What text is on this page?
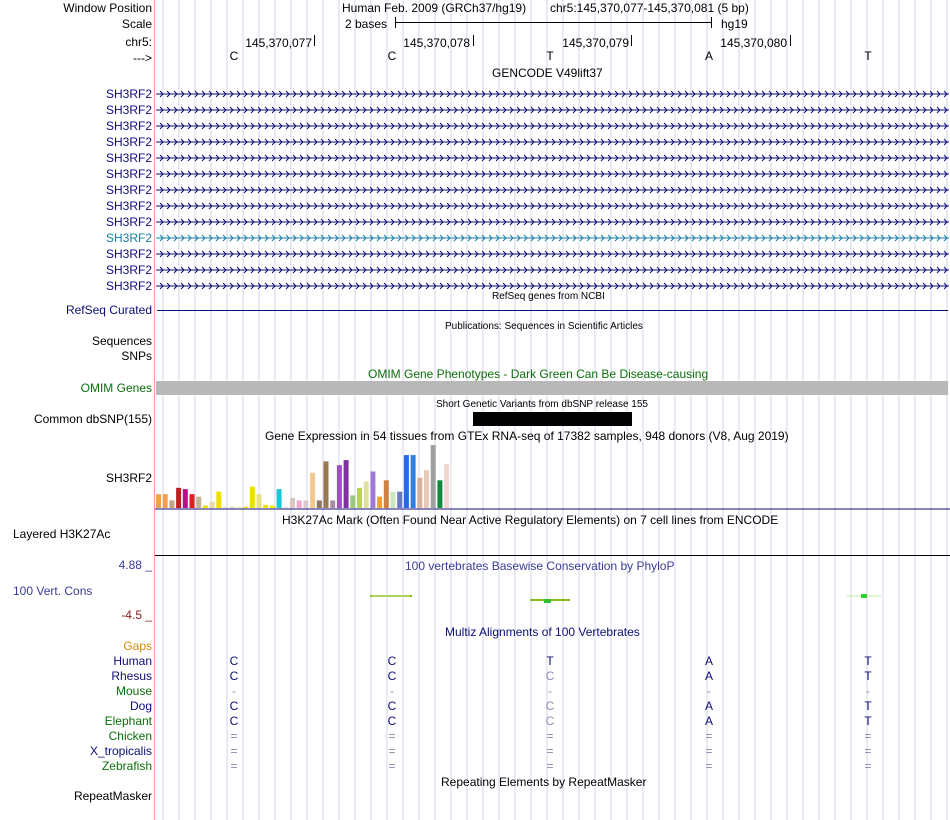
Window Position
Scale
chr5:
--->
Human Feb. 2009 (GRCh37/hg19) chr5:145,370,077-145,370,081 (5 bp)
2 bases	hg19
145,370,077	145,370,078	145,370,079	145,370,080
C	C	T	A	T
GENCODE V49lift37
SH3RF2
SH3RF2
SH3RF2
SH3RF2
SH3RF2
SH3RF2
SH3RF2
SH3RF2
SH3RF2
SH3RF2
SH3RF2
SH3RF2
SH3RF2
RefSeq genes from NCBI
RefSeq Curated
Publications: Sequences in Scientific Articles
Sequences
SNPs
OMIM Gene Phenotypes - Dark Green Can Be Disease-causing
OMIM Genes
Short Genetic Variants from dbSNP release 155
Common dbSNP(155)
Gene Expression in 54 tissues from GTEx RNA-seq of 17382 samples, 948 donors (V8, Aug 2019)
SH3RF2
H3K27Ac Mark (Often Found Near Active Regulatory Elements) on 7 cell lines from ENCODE
Layered H3K27Ac
100 vertebrates Basewise Conservation by PhyloP
4.88 _
100 Vert. Cons
-4.5 _
Multiz Alignments of 100 Vertebrates
Gaps
Human	C	C	T	A	T
Rhesus	C	C	C	A	T
Mouse	-	-	-	-	-
Dog	C	C	C	A	T
Elephant	C	C	C	A	T
Chicken	=	=	=	=	=
X_tropicalis	=	=	=	=	=
Zebrafish	=	=	=	=	=
Repeating Elements by RepeatMasker
RepeatMasker
